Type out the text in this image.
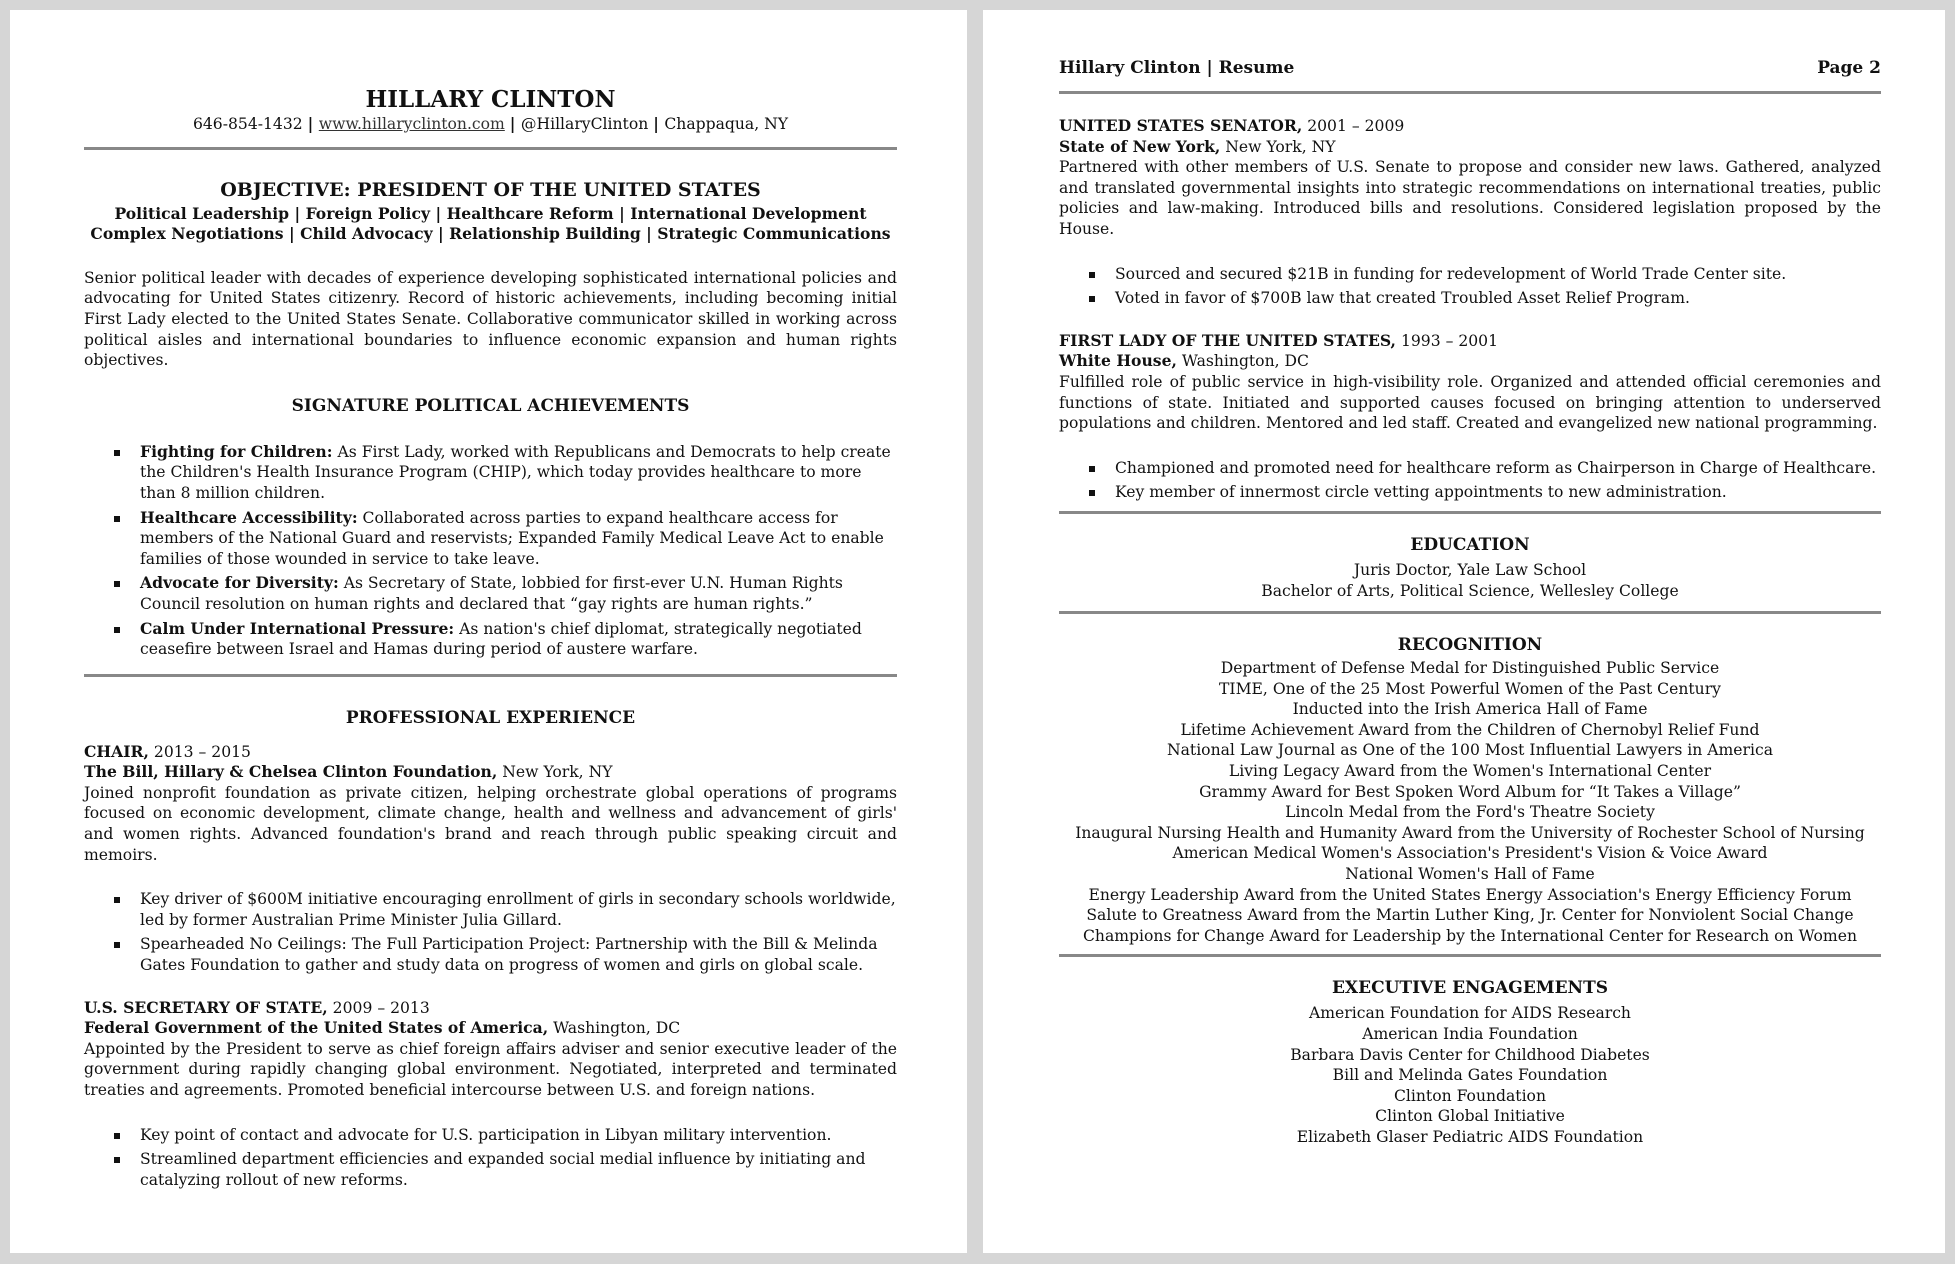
HILLARY CLINTON
646-854-1432 | www.hillaryclinton.com | @HillaryClinton | Chappaqua, NY
OBJECTIVE: PRESIDENT OF THE UNITED STATES
Political Leadership | Foreign Policy | Healthcare Reform | International Development
Complex Negotiations | Child Advocacy | Relationship Building | Strategic Communications
Senior political leader with decades of experience developing sophisticated international policies and advocating for United States citizenry. Record of historic achievements, including becoming initial First Lady elected to the United States Senate. Collaborative communicator skilled in working across political aisles and international boundaries to influence economic expansion and human rights objectives.
SIGNATURE POLITICAL ACHIEVEMENTS
Fighting for Children: As First Lady, worked with Republicans and Democrats to help create the Children's Health Insurance Program (CHIP), which today provides healthcare to more than 8 million children.
Healthcare Accessibility: Collaborated across parties to expand healthcare access for members of the National Guard and reservists; Expanded Family Medical Leave Act to enable families of those wounded in service to take leave.
Advocate for Diversity: As Secretary of State, lobbied for first-ever U.N. Human Rights Council resolution on human rights and declared that “gay rights are human rights.”
Calm Under International Pressure: As nation's chief diplomat, strategically negotiated ceasefire between Israel and Hamas during period of austere warfare.
PROFESSIONAL EXPERIENCE
CHAIR, 2013 – 2015
The Bill, Hillary & Chelsea Clinton Foundation, New York, NY
Joined nonprofit foundation as private citizen, helping orchestrate global operations of programs focused on economic development, climate change, health and wellness and advancement of girls' and women rights. Advanced foundation's brand and reach through public speaking circuit and memoirs.
Key driver of $600M initiative encouraging enrollment of girls in secondary schools worldwide, led by former Australian Prime Minister Julia Gillard.
Spearheaded No Ceilings: The Full Participation Project: Partnership with the Bill & Melinda Gates Foundation to gather and study data on progress of women and girls on global scale.
U.S. SECRETARY OF STATE, 2009 – 2013
Federal Government of the United States of America, Washington, DC
Appointed by the President to serve as chief foreign affairs adviser and senior executive leader of the government during rapidly changing global environment. Negotiated, interpreted and terminated treaties and agreements. Promoted beneficial intercourse between U.S. and foreign nations.
Key point of contact and advocate for U.S. participation in Libyan military intervention.
Streamlined department efficiencies and expanded social medial influence by initiating and catalyzing rollout of new reforms.
Hillary Clinton | Resume	Page 2
UNITED STATES SENATOR, 2001 – 2009
State of New York, New York, NY
Partnered with other members of U.S. Senate to propose and consider new laws. Gathered, analyzed and translated governmental insights into strategic recommendations on international treaties, public policies and law-making. Introduced bills and resolutions. Considered legislation proposed by the House.
Sourced and secured $21B in funding for redevelopment of World Trade Center site.
Voted in favor of $700B law that created Troubled Asset Relief Program.
FIRST LADY OF THE UNITED STATES, 1993 – 2001
White House, Washington, DC
Fulfilled role of public service in high-visibility role. Organized and attended official ceremonies and functions of state. Initiated and supported causes focused on bringing attention to underserved populations and children. Mentored and led staff. Created and evangelized new national programming.
Championed and promoted need for healthcare reform as Chairperson in Charge of Healthcare.
Key member of innermost circle vetting appointments to new administration.
EDUCATION
Juris Doctor, Yale Law School
Bachelor of Arts, Political Science, Wellesley College
RECOGNITION
Department of Defense Medal for Distinguished Public Service
TIME, One of the 25 Most Powerful Women of the Past Century
Inducted into the Irish America Hall of Fame
Lifetime Achievement Award from the Children of Chernobyl Relief Fund
National Law Journal as One of the 100 Most Influential Lawyers in America
Living Legacy Award from the Women's International Center
Grammy Award for Best Spoken Word Album for “It Takes a Village”
Lincoln Medal from the Ford's Theatre Society
Inaugural Nursing Health and Humanity Award from the University of Rochester School of Nursing
American Medical Women's Association's President's Vision & Voice Award
National Women's Hall of Fame
Energy Leadership Award from the United States Energy Association's Energy Efficiency Forum
Salute to Greatness Award from the Martin Luther King, Jr. Center for Nonviolent Social Change
Champions for Change Award for Leadership by the International Center for Research on Women
EXECUTIVE ENGAGEMENTS
American Foundation for AIDS Research
American India Foundation
Barbara Davis Center for Childhood Diabetes
Bill and Melinda Gates Foundation
Clinton Foundation
Clinton Global Initiative
Elizabeth Glaser Pediatric AIDS Foundation
